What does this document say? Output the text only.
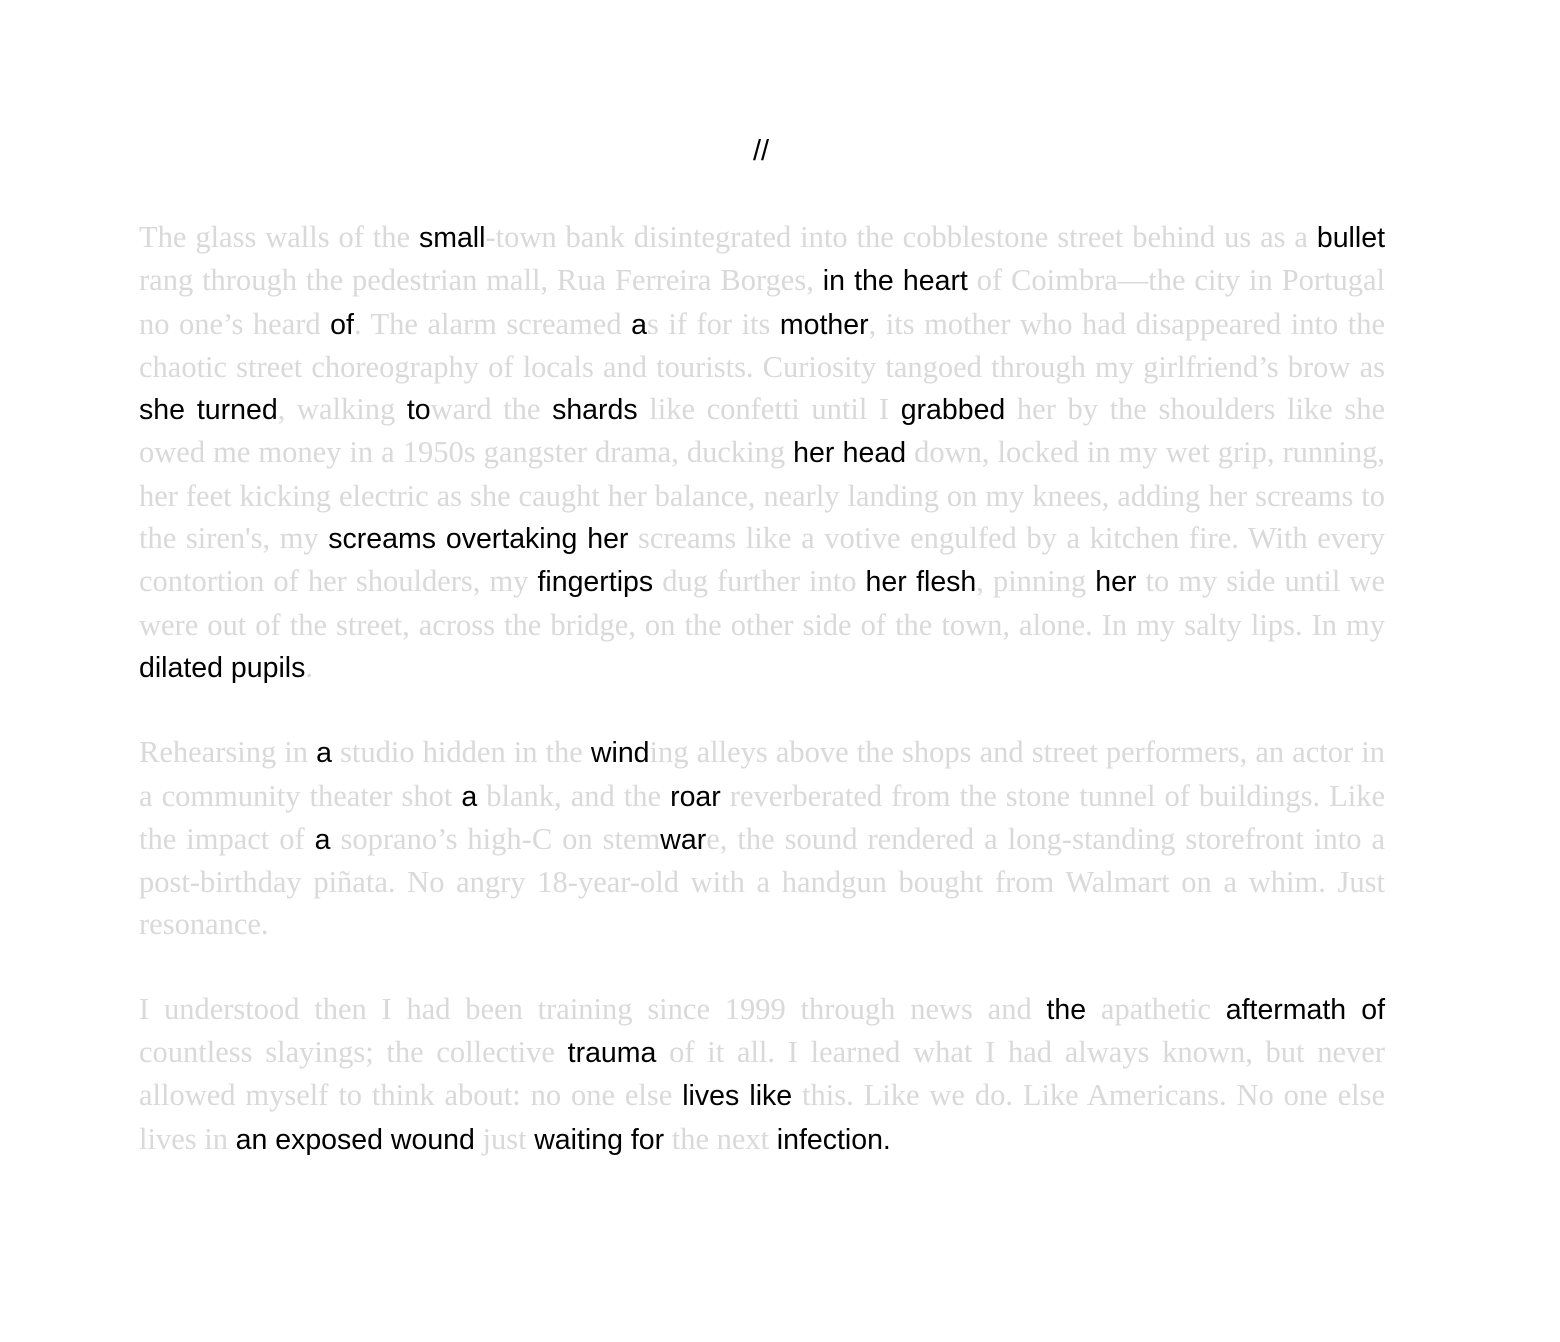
//

The glass walls of the small-town bank disintegrated into the cobblestone street behind us as a bullet rang through the pedestrian mall, Rua Ferreira Borges, in the heart of Coimbra—the city in Portugal no one’s heard of. The alarm screamed as if for its mother, its mother who had disappeared into the chaotic street choreography of locals and tourists. Curiosity tangoed through my girlfriend’s brow as she turned, walking toward the shards like confetti until I grabbed her by the shoulders like she owed me money in a 1950s gangster drama, ducking her head down, locked in my wet grip, running, her feet kicking electric as she caught her balance, nearly landing on my knees, adding her screams to the siren's, my screams overtaking her screams like a votive engulfed by a kitchen fire. With every contortion of her shoulders, my fingertips dug further into her flesh, pinning her to my side until we were out of the street, across the bridge, on the other side of the town, alone. In my salty lips. In my dilated pupils.

Rehearsing in a studio hidden in the winding alleys above the shops and street performers, an actor in a community theater shot a blank, and the roar reverberated from the stone tunnel of buildings. Like the impact of a soprano’s high-C on stemware, the sound rendered a long-standing storefront into a post-birthday piñata. No angry 18-year-old with a handgun bought from Walmart on a whim. Just resonance.

I understood then I had been training since 1999 through news and the apathetic aftermath of countless slayings; the collective trauma of it all. I learned what I had always known, but never allowed myself to think about: no one else lives like this. Like we do. Like Americans. No one else lives in an exposed wound just waiting for the next infection.
